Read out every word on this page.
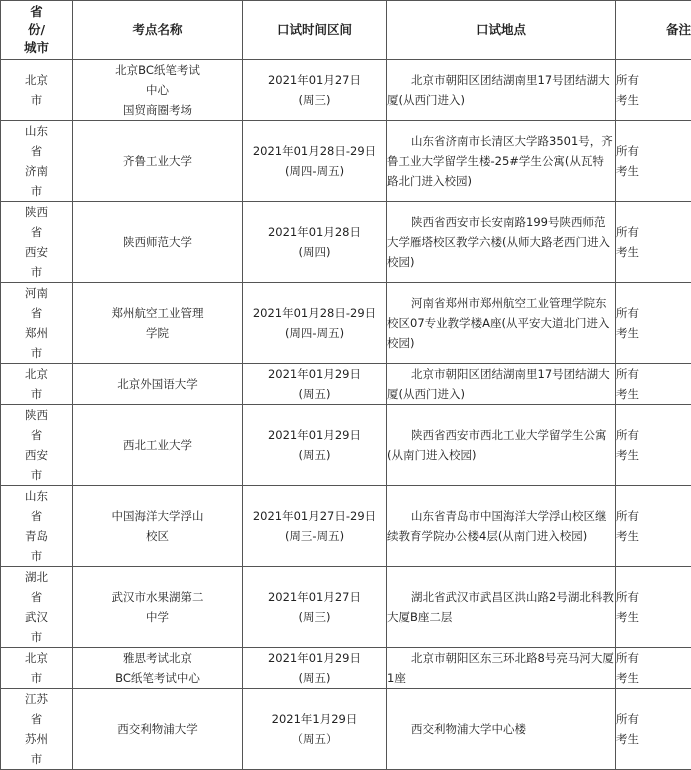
省
份/
城市	考点名称	口试时间区间	口试地点	备注

北京
市	北京BC纸笔考试
中心
国贸商圈考场	2021年01月27日
(周三)	北京市朝阳区团结湖南里17号团结湖大厦(从西门进入)	所有
考生

山东
省
济南
市	齐鲁工业大学	2021年01月28日-29日
(周四-周五)	山东省济南市长清区大学路3501号，齐鲁工业大学留学生楼-25#学生公寓(从瓦特路北门进入校园)	所有
考生

陕西
省
西安
市	陕西师范大学	2021年01月28日
(周四)	陕西省西安市长安南路199号陕西师范大学雁塔校区教学六楼(从师大路老西门进入校园)	所有
考生

河南
省
郑州
市	郑州航空工业管理
学院	2021年01月28日-29日
(周四-周五)	河南省郑州市郑州航空工业管理学院东校区07专业教学楼A座(从平安大道北门进入校园)	所有
考生

北京
市	北京外国语大学	2021年01月29日
(周五)	北京市朝阳区团结湖南里17号团结湖大厦(从西门进入)	所有
考生

陕西
省
西安
市	西北工业大学	2021年01月29日
(周五)	陕西省西安市西北工业大学留学生公寓(从南门进入校园)	所有
考生

山东
省
青岛
市	中国海洋大学浮山
校区	2021年01月27日-29日
(周三-周五)	山东省青岛市中国海洋大学浮山校区继续教育学院办公楼4层(从南门进入校园)	所有
考生

湖北
省
武汉
市	武汉市水果湖第二
中学	2021年01月27日
(周三)	湖北省武汉市武昌区洪山路2号湖北科教大厦B座二层	所有
考生

北京
市	雅思考试北京
BC纸笔考试中心	2021年01月29日
(周五)	北京市朝阳区东三环北路8号亮马河大厦1座	所有
考生

江苏
省
苏州
市	西交利物浦大学	2021年1月29日
（周五）	西交利物浦大学中心楼	所有
考生
